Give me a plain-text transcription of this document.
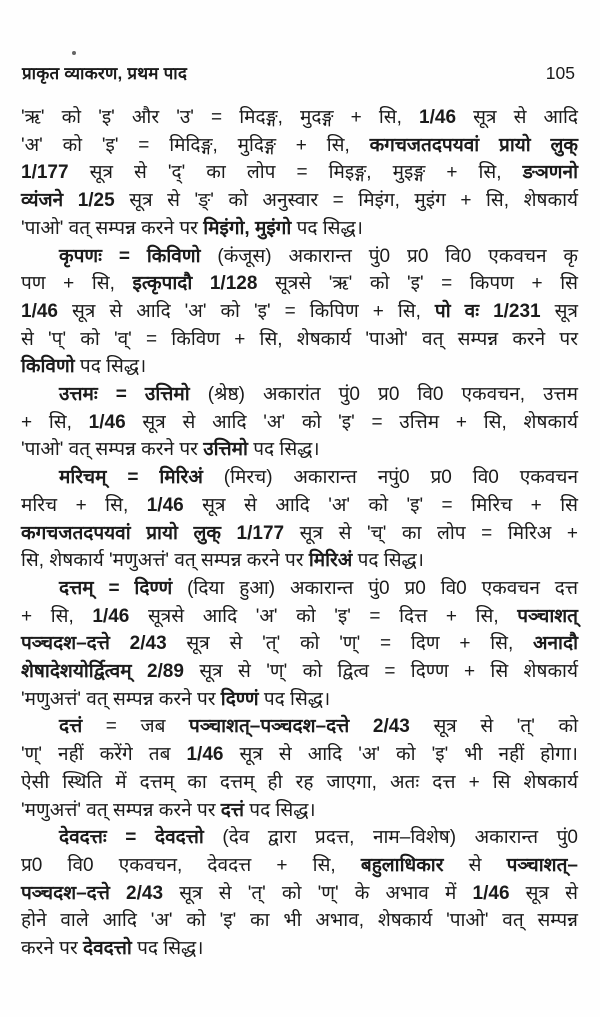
प्राकृत व्याकरण, प्रथम पाद	105
'ऋ' को 'इ' और 'उ' = मिदङ्ग, मुदङ्ग + सि, 1/46 सूत्र से आदि
'अ' को 'इ' = मिदिङ्ग, मुदिङ्ग + सि, कगचजतदपयवां प्रायो लुक्
1/177 सूत्र से 'द्' का लोप = मिइङ्ग, मुइङ्ग + सि, ङञणनो
व्यंजने 1/25 सूत्र से 'ङ्' को अनुस्वार = मिइंग, मुइंग + सि, शेषकार्य
'पाओ' वत् सम्पन्न करने पर मिइंगो, मुइंगो पद सिद्ध।
कृपणः = किविणो (कंजूस) अकारान्त पुं0 प्र0 वि0 एकवचन कृ
पण + सि, इत्कृपादौ 1/128 सूत्रसे 'ऋ' को 'इ' = किपण + सि
1/46 सूत्र से आदि 'अ' को 'इ' = किपिण + सि, पो वः 1/231 सूत्र
से 'प्' को 'व्' = किविण + सि, शेषकार्य 'पाओ' वत् सम्पन्न करने पर
किविणो पद सिद्ध।
उत्तमः = उत्तिमो (श्रेष्ठ) अकारांत पुं0 प्र0 वि0 एकवचन, उत्तम
+ सि, 1/46 सूत्र से आदि 'अ' को 'इ' = उत्तिम + सि, शेषकार्य
'पाओ' वत् सम्पन्न करने पर उत्तिमो पद सिद्ध।
मरिचम् = मिरिअं (मिरच) अकारान्त नपुं0 प्र0 वि0 एकवचन
मरिच + सि, 1/46 सूत्र से आदि 'अ' को 'इ' = मिरिच + सि
कगचजतदपयवां प्रायो लुक् 1/177 सूत्र से 'च्' का लोप = मिरिअ +
सि, शेषकार्य 'मणुअत्तं' वत् सम्पन्न करने पर मिरिअं पद सिद्ध।
दत्तम् = दिण्णं (दिया हुआ) अकारान्त पुं0 प्र0 वि0 एकवचन दत्त
+ सि, 1/46 सूत्रसे आदि 'अ' को 'इ' = दित्त + सि, पञ्चाशत्
पञ्चदश–दत्ते 2/43 सूत्र से 'त्' को 'ण्' = दिण + सि, अनादौ
शेषादेशयोर्द्वित्वम् 2/89 सूत्र से 'ण्' को द्वित्व = दिण्ण + सि शेषकार्य
'मणुअत्तं' वत् सम्पन्न करने पर दिण्णं पद सिद्ध।
दत्तं = जब पञ्चाशत्–पञ्चदश–दत्ते 2/43 सूत्र से 'त्' को
'ण्' नहीं करेंगे तब 1/46 सूत्र से आदि 'अ' को 'इ' भी नहीं होगा।
ऐसी स्थिति में दत्तम् का दत्तम् ही रह जाएगा, अतः दत्त + सि शेषकार्य
'मणुअत्तं' वत् सम्पन्न करने पर दत्तं पद सिद्ध।
देवदत्तः = देवदत्तो (देव द्वारा प्रदत्त, नाम–विशेष) अकारान्त पुं0
प्र0 वि0 एकवचन, देवदत्त + सि, बहुलाधिकार से पञ्चाशत्–
पञ्चदश–दत्ते 2/43 सूत्र से 'त्' को 'ण्' के अभाव में 1/46 सूत्र से
होने वाले आदि 'अ' को 'इ' का भी अभाव, शेषकार्य 'पाओ' वत् सम्पन्न
करने पर देवदत्तो पद सिद्ध।
